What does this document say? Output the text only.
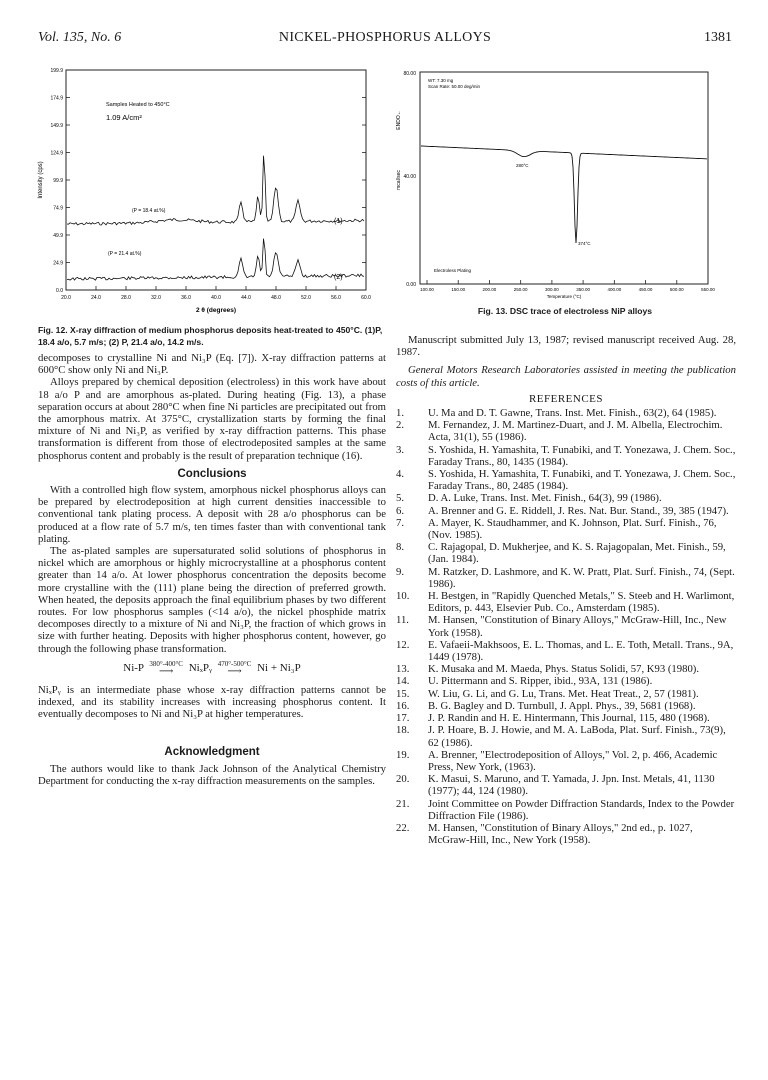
Vol. 135, No. 6	NICKEL-PHOSPHORUS ALLOYS	1381
199.9
174.9
149.9
124.9
99.9
74.9
49.9
24.9
0.0
20.0	24.0	28.0	32.0	36.0	40.0	44.0	48.0	52.0	56.0	60.0
Intensity (cps)
2 θ (degrees)
Samples Heated to 450°C
1.09 A/cm²
(P = 18.4 at.%)
(P = 21.4 at.%)
(1)
(2)
Fig. 12. X-ray diffraction of medium phosphorus deposits heat-treated to 450°C. (1)P, 18.4 a/o, 5.7 m/s; (2) P, 21.4 a/o, 14.2 m/s.
80.00
40.00
0.00
ENDO←
mcal/sec
WT: 7.30 mg
Scan Rate: 50.00 deg/min
280°C
374°C
Electroless Plating
100.00	150.00	200.00	250.00	300.00	350.00	400.00	450.00	500.00	550.00
Temperature (°C)
Fig. 13. DSC trace of electroless NiP alloys

decomposes to crystalline Ni and Ni₃P (Eq. [7]). X-ray diffraction patterns at 600°C show only Ni and Ni₃P.

Alloys prepared by chemical deposition (electroless) in this work have about 18 a/o P and are amorphous as-plated. During heating (Fig. 13), a phase separation occurs at about 280°C when fine Ni particles are precipitated out from the amorphous matrix. At 375°C, crystallization starts by forming the final mixture of Ni and Ni₃P, as verified by x-ray diffraction patterns. This phase transformation is different from those of electrodeposited samples at the same phosphorus content and probably is the result of preparation technique (16).

Conclusions

With a controlled high flow system, amorphous nickel phosphorus alloys can be prepared by electrodeposition at high current densities inaccessible to conventional tank plating process. A deposit with 28 a/o phosphorus can be produced at a flow rate of 5.7 m/s, ten times faster than with conventional tank plating.

The as-plated samples are supersaturated solid solutions of phosphorus in nickel which are amorphous or highly microcrystalline at a phosphorus content greater than 14 a/o. At lower phosphorus concentration the deposits become more crystalline with the (111) plane being the direction of preferred growth. When heated, the deposits approach the final equilibrium phases by two different routes. For low phosphorus samples (<14 a/o), the nickel phosphide matrix decomposes directly to a mixture of Ni and Ni₃P, the fraction of which grows in size with further heating. Deposits with higher phosphorus content, however, go through the following phase transformation.

Ni-P 380°-400°C
⟶	NiₓPᵧ 470°-500°C
⟶	Ni + Ni₃P

NiₓPᵧ is an intermediate phase whose x-ray diffraction patterns cannot be indexed, and its stability increases with increasing phosphorus content. It eventually decomposes to Ni and Ni₃P at higher temperatures.

Acknowledgment

The authors would like to thank Jack Johnson of the Analytical Chemistry Department for conducting the x-ray diffraction measurements on the samples.

Manuscript submitted July 13, 1987; revised manuscript received Aug. 28, 1987.

General Motors Research Laboratories assisted in meeting the publication costs of this article.

REFERENCES
1. U. Ma and D. T. Gawne, Trans. Inst. Met. Finish., 63(2), 64 (1985).
2. M. Fernandez, J. M. Martinez-Duart, and J. M. Albella, Electrochim. Acta, 31(1), 55 (1986).
3. S. Yoshida, H. Yamashita, T. Funabiki, and T. Yonezawa, J. Chem. Soc., Faraday Trans., 80, 1435 (1984).
4. S. Yoshida, H. Yamashita, T. Funabiki, and T. Yonezawa, J. Chem. Soc., Faraday Trans., 80, 2485 (1984).
5. D. A. Luke, Trans. Inst. Met. Finish., 64(3), 99 (1986).
6. A. Brenner and G. E. Riddell, J. Res. Nat. Bur. Stand., 39, 385 (1947).
7. A. Mayer, K. Staudhammer, and K. Johnson, Plat. Surf. Finish., 76, (Nov. 1985).
8. C. Rajagopal, D. Mukherjee, and K. S. Rajagopalan, Met. Finish., 59, (Jan. 1984).
9. M. Ratzker, D. Lashmore, and K. W. Pratt, Plat. Surf. Finish., 74, (Sept. 1986).
10. H. Bestgen, in "Rapidly Quenched Metals," S. Steeb and H. Warlimont, Editors, p. 443, Elsevier Pub. Co., Amsterdam (1985).
11. M. Hansen, "Constitution of Binary Alloys," McGraw-Hill, Inc., New York (1958).
12. E. Vafaeii-Makhsoos, E. L. Thomas, and L. E. Toth, Metall. Trans., 9A, 1449 (1978).
13. K. Musaka and M. Maeda, Phys. Status Solidi, 57, K93 (1980).
14. U. Pittermann and S. Ripper, ibid., 93A, 131 (1986).
15. W. Liu, G. Li, and G. Lu, Trans. Met. Heat Treat., 2, 57 (1981).
16. B. G. Bagley and D. Turnbull, J. Appl. Phys., 39, 5681 (1968).
17. J. P. Randin and H. E. Hintermann, This Journal, 115, 480 (1968).
18. J. P. Hoare, B. J. Howie, and M. A. LaBoda, Plat. Surf. Finish., 73(9), 62 (1986).
19. A. Brenner, "Electrodeposition of Alloys," Vol. 2, p. 466, Academic Press, New York, (1963).
20. K. Masui, S. Maruno, and T. Yamada, J. Jpn. Inst. Metals, 41, 1130 (1977); 44, 124 (1980).
21. Joint Committee on Powder Diffraction Standards, Index to the Powder Diffraction File (1986).
22. M. Hansen, "Constitution of Binary Alloys," 2nd ed., p. 1027, McGraw-Hill, Inc., New York (1958).
